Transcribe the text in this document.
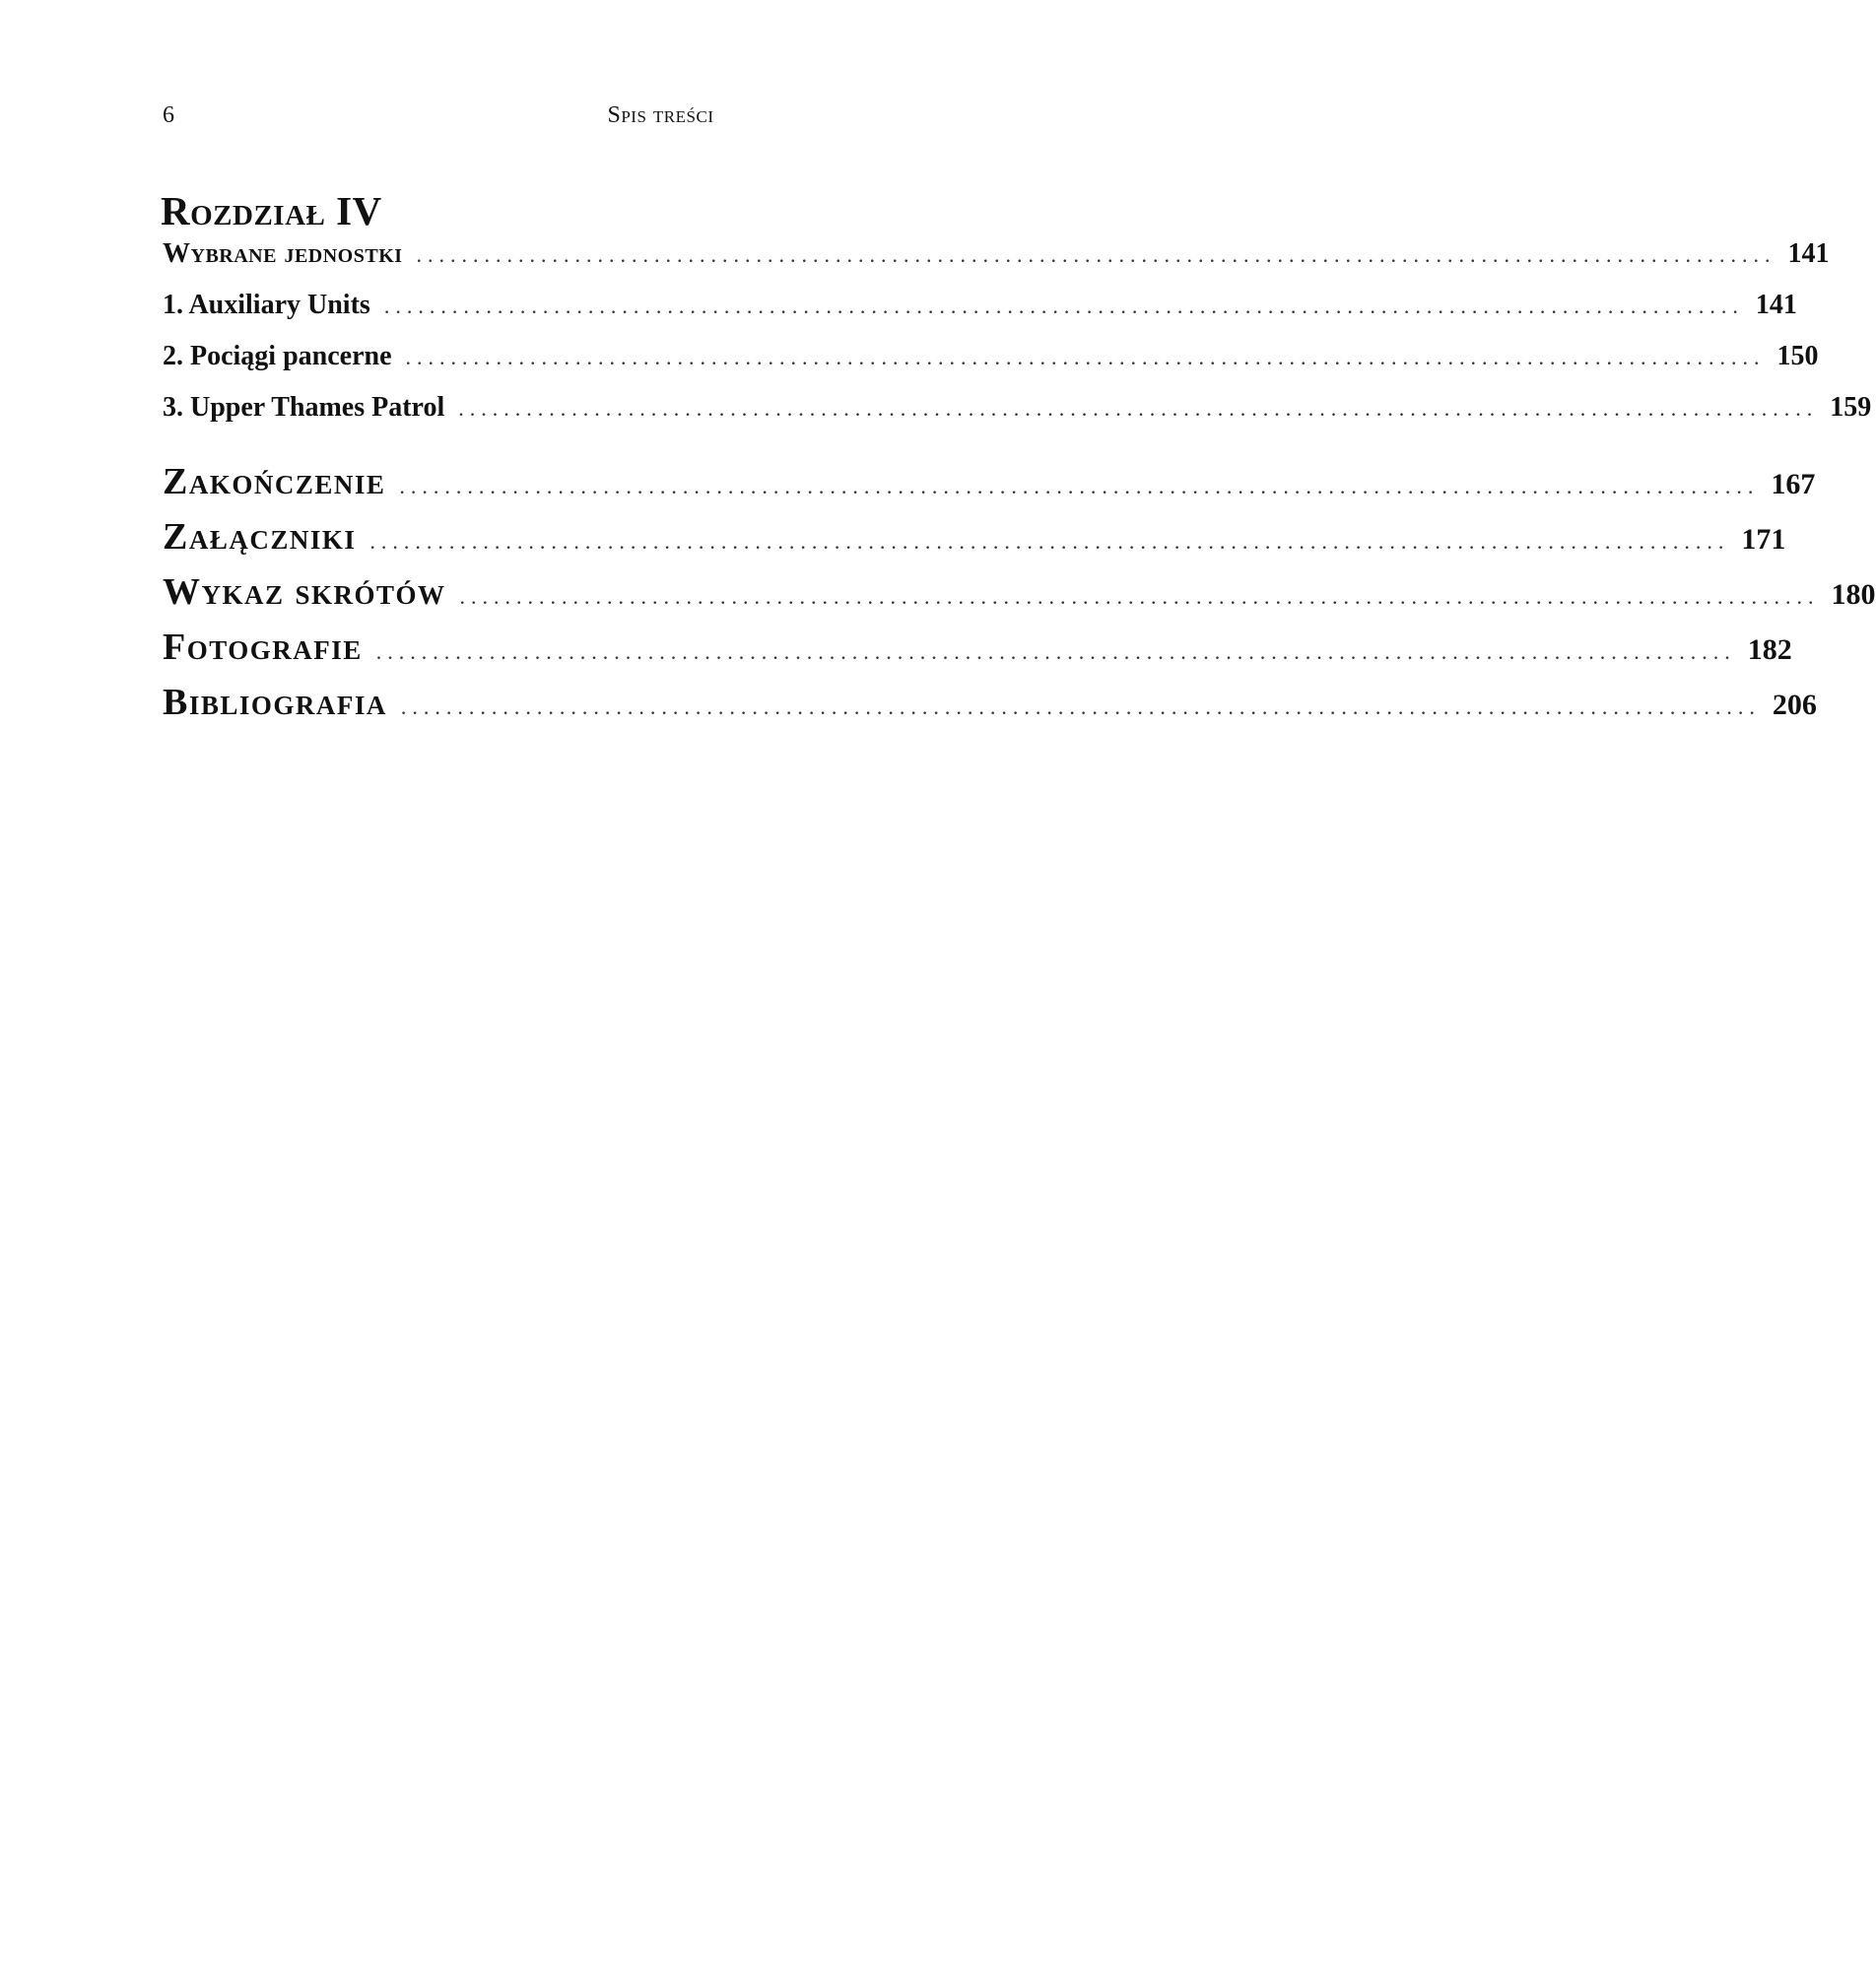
6	Spis treści
Rozdział IV
Wybrane jednostki ........................................................................................................................ 141
1. Auxiliary Units ........................................................................................................................ 141
2. Pociągi pancerne ........................................................................................................................ 150
3. Upper Thames Patrol ........................................................................................................................ 159
Zakończenie ........................................................................................................................ 167
Załączniki ........................................................................................................................ 171
Wykaz skrótów ........................................................................................................................ 180
Fotografie ........................................................................................................................ 182
Bibliografia ........................................................................................................................ 206
